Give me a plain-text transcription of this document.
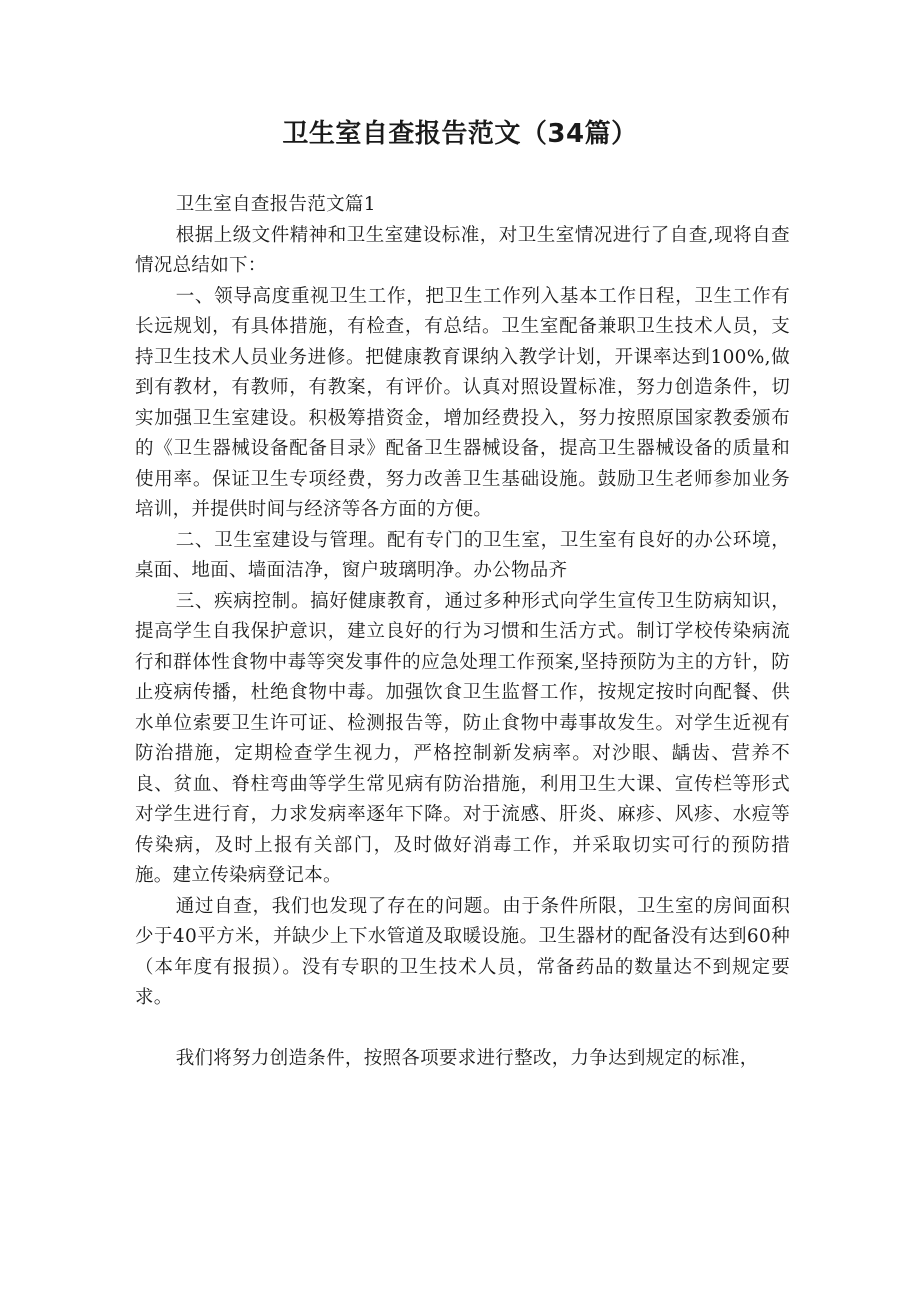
卫生室自查报告范文（34篇）

卫生室自查报告范文篇1

根据上级文件精神和卫生室建设标准，对卫生室情况进行了自查,现将自查情况总结如下：

一、领导高度重视卫生工作，把卫生工作列入基本工作日程，卫生工作有长远规划，有具体措施，有检查，有总结。卫生室配备兼职卫生技术人员，支持卫生技术人员业务进修。把健康教育课纳入教学计划，开课率达到100%,做到有教材，有教师，有教案，有评价。认真对照设置标准，努力创造条件，切实加强卫生室建设。积极筹措资金，增加经费投入，努力按照原国家教委颁布的《卫生器械设备配备目录》配备卫生器械设备，提高卫生器械设备的质量和使用率。保证卫生专项经费，努力改善卫生基础设施。鼓励卫生老师参加业务培训，并提供时间与经济等各方面的方便。

二、卫生室建设与管理。配有专门的卫生室，卫生室有良好的办公环境，桌面、地面、墙面洁净，窗户玻璃明净。办公物品齐

三、疾病控制。搞好健康教育，通过多种形式向学生宣传卫生防病知识，提高学生自我保护意识，建立良好的行为习惯和生活方式。制订学校传染病流行和群体性食物中毒等突发事件的应急处理工作预案,坚持预防为主的方针，防止疫病传播，杜绝食物中毒。加强饮食卫生监督工作，按规定按时向配餐、供水单位索要卫生许可证、检测报告等，防止食物中毒事故发生。对学生近视有防治措施，定期检查学生视力，严格控制新发病率。对沙眼、龋齿、营养不良、贫血、脊柱弯曲等学生常见病有防治措施，利用卫生大课、宣传栏等形式对学生进行育，力求发病率逐年下降。对于流感、肝炎、麻疹、风疹、水痘等传染病，及时上报有关部门，及时做好消毒工作，并采取切实可行的预防措施。建立传染病登记本。

通过自查，我们也发现了存在的问题。由于条件所限，卫生室的房间面积少于40平方米，并缺少上下水管道及取暖设施。卫生器材的配备没有达到60种（本年度有报损）。没有专职的卫生技术人员，常备药品的数量达不到规定要求。

我们将努力创造条件，按照各项要求进行整改，力争达到规定的标准，
